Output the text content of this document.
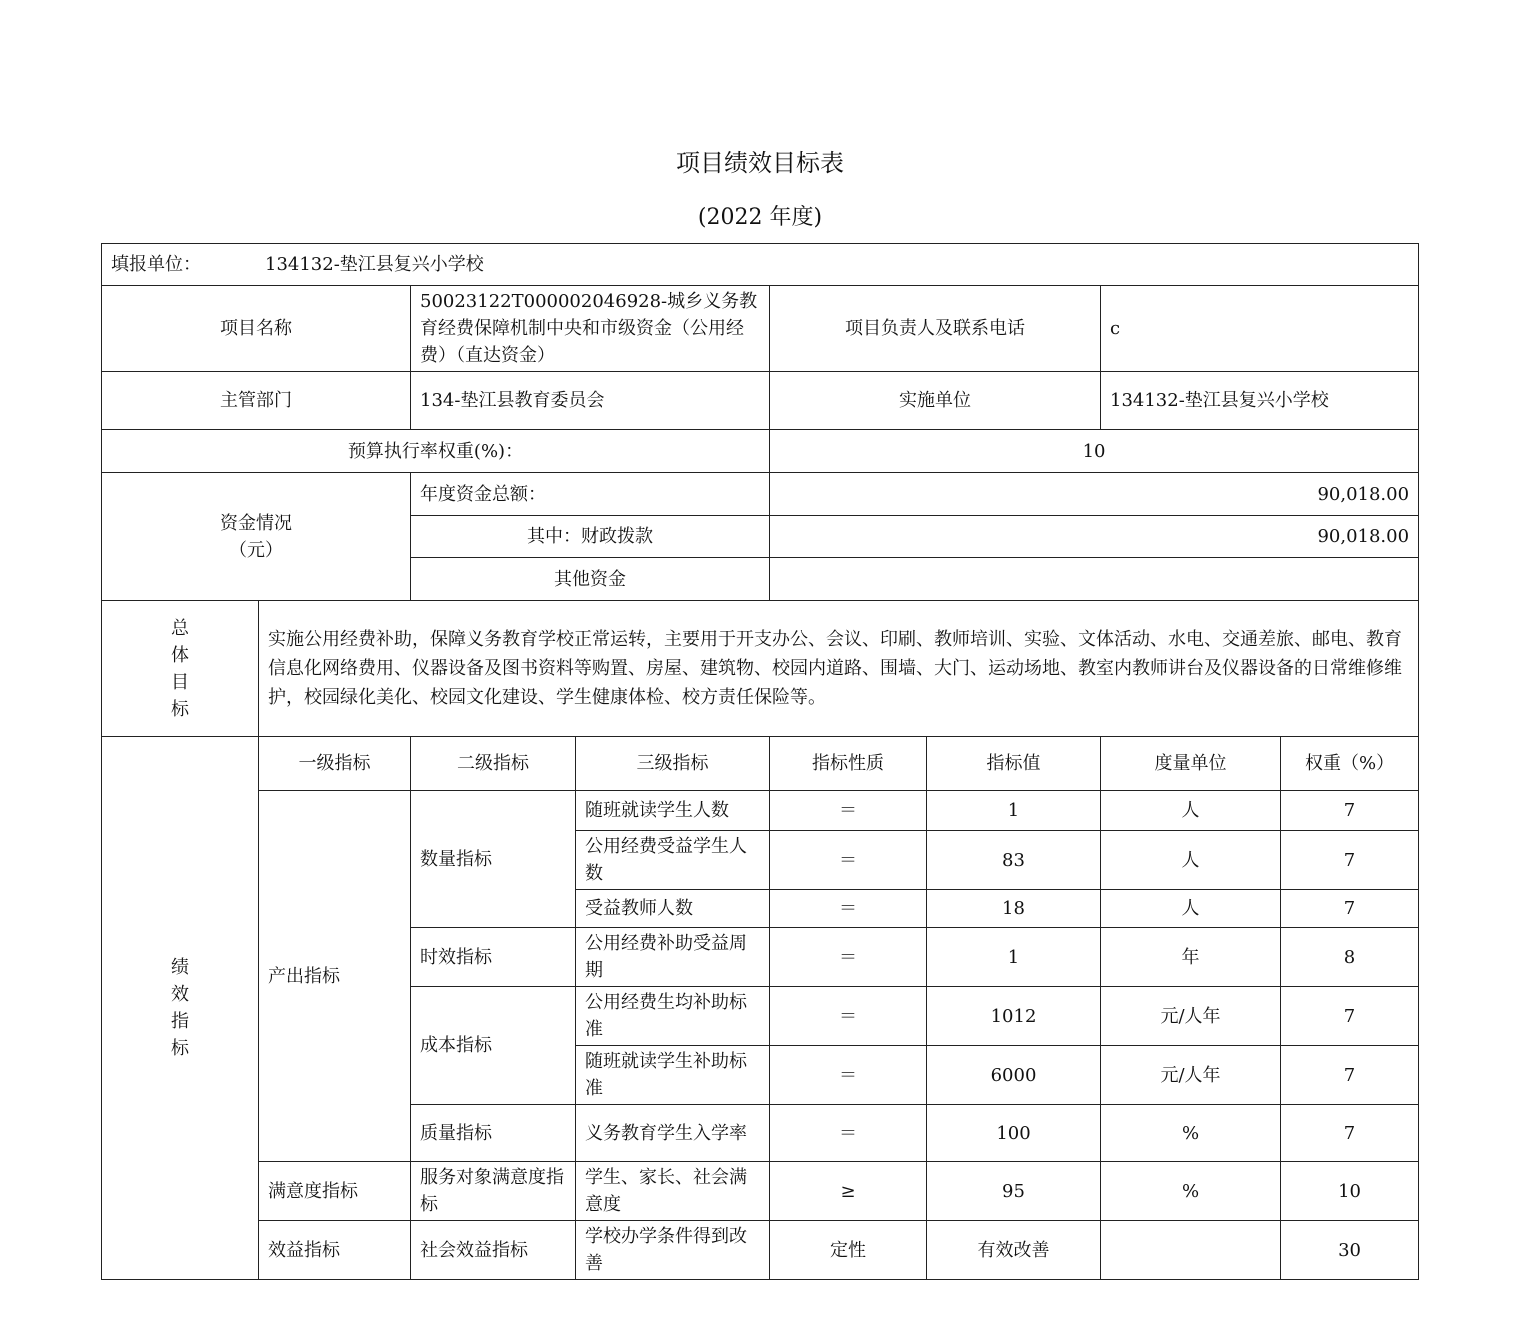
项目绩效目标表
(2022 年度)
填报单位： 134132-垫江县复兴小学校							
项目名称		50023122T000002046928-城乡义务教育经费保障机制中央和市级资金（公用经费）（直达资金）		项目负责人及联系电话		c	
主管部门		134-垫江县教育委员会		实施单位		134132-垫江县复兴小学校	
预算执行率权重(%)：				10			
资金情况
（元）		年度资金总额：		90,018.00			
		其中：财政拨款		90,018.00			
		其他资金					

总
体
目
标	实施公用经费补助，保障义务教育学校正常运转，主要用于开支办公、会议、印刷、教师培训、实验、文体活动、水电、交通差旅、邮电、教育信息化网络费用、仪器设备及图书资料等购置、房屋、建筑物、校园内道路、围墙、大门、运动场地、教室内教师讲台及仪器设备的日常维修维护，校园绿化美化、校园文化建设、学生健康体检、校方责任保险等。						

绩
效
指
标	一级指标	二级指标	三级指标	指标性质	指标值	度量单位	权重（%）
	产出指标	数量指标	随班就读学生人数	＝	1	人	7
			公用经费受益学生人数	＝	83	人	7
			受益教师人数	＝	18	人	7
		时效指标	公用经费补助受益周期	＝	1	年	8
		成本指标	公用经费生均补助标准	＝	1012	元/人年	7
			随班就读学生补助标准	＝	6000	元/人年	7
		质量指标	义务教育学生入学率	＝	100	%	7
	满意度指标	服务对象满意度指标	学生、家长、社会满意度	≥	95	%	10
	效益指标	社会效益指标	学校办学条件得到改善	定性	有效改善		30
